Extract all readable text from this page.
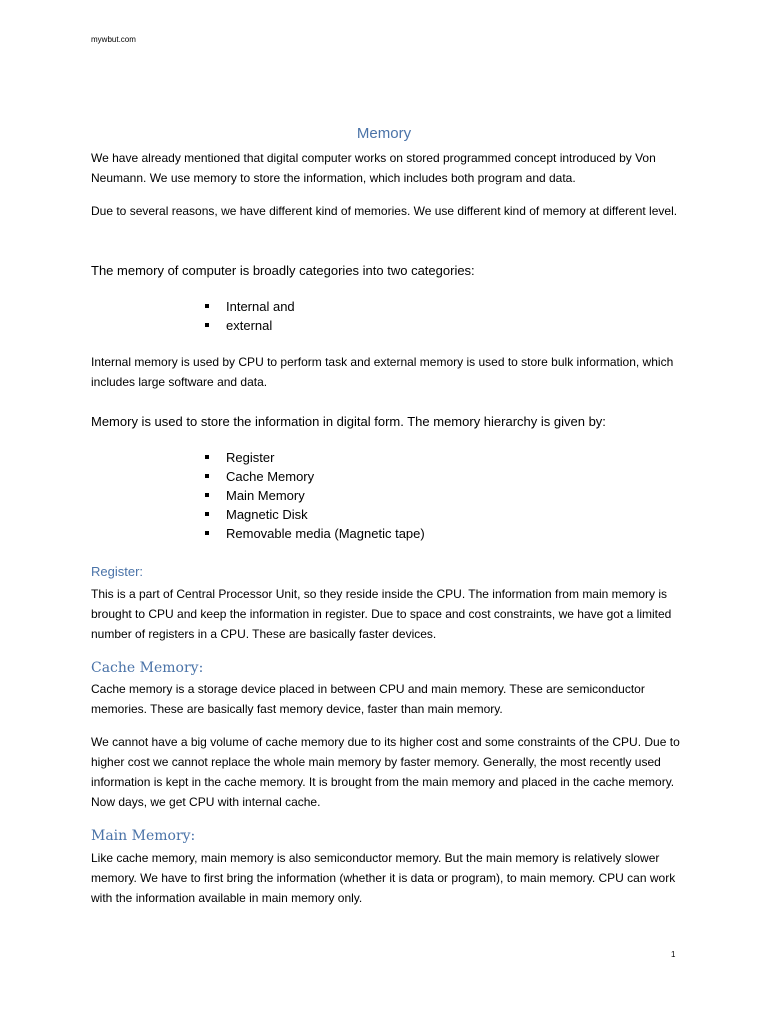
mywbut.com
Memory
We have already mentioned that digital computer works on stored programmed concept introduced by Von Neumann. We use memory to store the information, which includes both program and data.
Due to several reasons, we have different kind of memories. We use different kind of memory at different level.
The memory of computer is broadly categories into two categories:
Internal and
external
Internal memory is used by CPU to perform task and external memory is used to store bulk information, which includes large software and data.
Memory is used to store the information in digital form. The memory hierarchy is given by:
Register
Cache Memory
Main Memory
Magnetic Disk
Removable media (Magnetic tape)
Register:
This is a part of Central Processor Unit, so they reside inside the CPU. The information from main memory is brought to CPU and keep the information in register. Due to space and cost constraints, we have got a limited number of registers in a CPU. These are basically faster devices.
Cache Memory:
Cache memory is a storage device placed in between CPU and main memory. These are semiconductor memories. These are basically fast memory device, faster than main memory.
We cannot have a big volume of cache memory due to its higher cost and some constraints of the CPU. Due to higher cost we cannot replace the whole main memory by faster memory. Generally, the most recently used information is kept in the cache memory. It is brought from the main memory and placed in the cache memory. Now days, we get CPU with internal cache.
Main Memory:
Like cache memory, main memory is also semiconductor memory. But the main memory is relatively slower memory. We have to first bring the information (whether it is data or program), to main memory. CPU can work with the information available in main memory only.
1
